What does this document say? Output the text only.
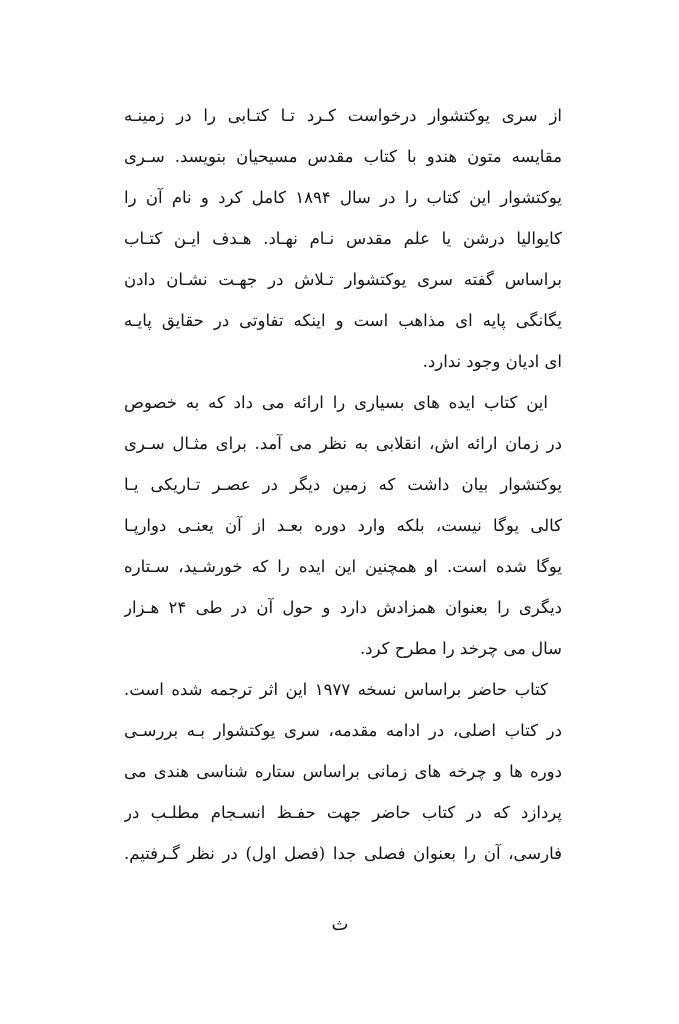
از سری یوکتشوار درخواست کـرد تـا کتـابی را در زمینـه
مقایسه متون هندو با کتاب مقدس مسیحیان بنویسد. سـری
یوکتشوار این کتاب را در سال ۱۸۹۴ کامل کرد و نام آن را
کایوالیا درشن یا علم مقدس نـام نهـاد. هـدف ایـن کتـاب
براساس گفته سری یوکتشوار تـلاش در جهـت نشـان دادن
یگانگی پایه ای مذاهب است و اینکه تفاوتی در حقایق پایـه
ای ادیان وجود ندارد.
این کتاب ایده های بسیاری را ارائه می داد که به خصوص
در زمان ارائه اش، انقلابی به نظر می آمد. برای مثـال سـری
یوکتشوار بیان داشت که زمین دیگر در عصـر تـاریکی یـا
کالی یوگا نیست، بلکه وارد دوره بعـد از آن یعنـی دوارپـا
یوگا شده است. او همچنین این ایده را که خورشـید، سـتاره
دیگری را بعنوان همزادش دارد و حول آن در طی ۲۴ هـزار
سال می چرخد را مطرح کرد.
کتاب حاضر براساس نسخه ۱۹۷۷ این اثر ترجمه شده است.
در کتاب اصلی، در ادامه مقدمه، سری یوکتشوار بـه بررسـی
دوره ها و چرخه های زمانی براساس ستاره شناسی هندی می
پردازد که در کتاب حاضر جهت حفـظ انسـجام مطلـب در
فارسی، آن را بعنوان فصلی جدا (فصل اول) در نظر گـرفتیم.
ث
